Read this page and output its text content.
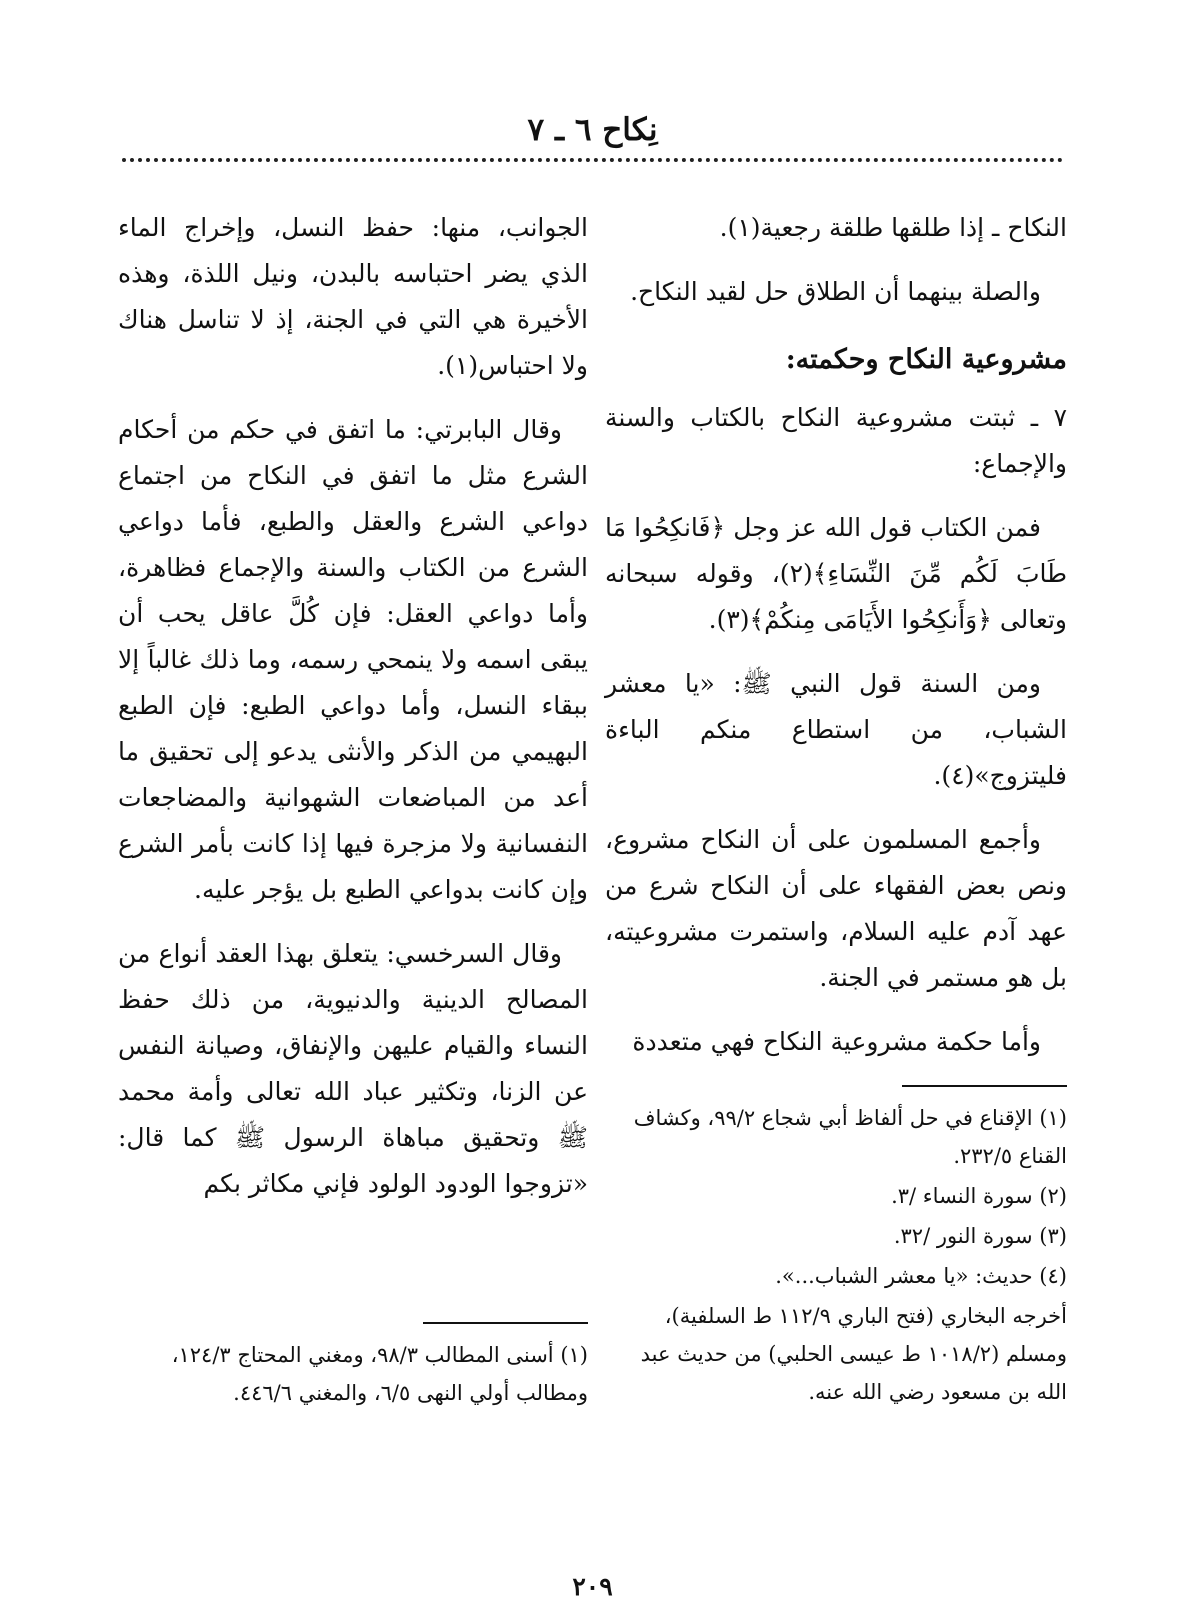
نِكاح ٦ ـ ٧

النكاح ـ إذا طلقها طلقة رجعية(١).

والصلة بينهما أن الطلاق حل لقيد النكاح.

مشروعية النكاح وحكمته:

٧ ـ ثبتت مشروعية النكاح بالكتاب والسنة والإجماع:

فمن الكتاب قول الله عز وجل ﴿فَانكِحُوا مَا طَابَ لَكُم مِّنَ النِّسَاءِ﴾(٢)، وقوله سبحانه وتعالى ﴿وَأَنكِحُوا الأَيَامَى مِنكُمْ﴾(٣).

ومن السنة قول النبي ﷺ: «يا معشر الشباب، من استطاع منكم الباءة فليتزوج»(٤).

وأجمع المسلمون على أن النكاح مشروع، ونص بعض الفقهاء على أن النكاح شرع من عهد آدم عليه السلام، واستمرت مشروعيته، بل هو مستمر في الجنة.

وأما حكمة مشروعية النكاح فهي متعددة

(١) الإقناع في حل ألفاظ أبي شجاع ٩٩/٢، وكشاف القناع ٢٣٢/٥.
(٢) سورة النساء /٣.
(٣) سورة النور /٣٢.
(٤) حديث: «يا معشر الشباب...».
أخرجه البخاري (فتح الباري ١١٢/٩ ط السلفية)، ومسلم (١٠١٨/٢ ط عيسى الحلبي) من حديث عبد الله بن مسعود رضي الله عنه.

الجوانب، منها: حفظ النسل، وإخراج الماء الذي يضر احتباسه بالبدن، ونيل اللذة، وهذه الأخيرة هي التي في الجنة، إذ لا تناسل هناك ولا احتباس(١).

وقال البابرتي: ما اتفق في حكم من أحكام الشرع مثل ما اتفق في النكاح من اجتماع دواعي الشرع والعقل والطبع، فأما دواعي الشرع من الكتاب والسنة والإجماع فظاهرة، وأما دواعي العقل: فإن كُلَّ عاقل يحب أن يبقى اسمه ولا ينمحي رسمه، وما ذلك غالباً إلا ببقاء النسل، وأما دواعي الطبع: فإن الطبع البهيمي من الذكر والأنثى يدعو إلى تحقيق ما أعد من المباضعات الشهوانية والمضاجعات النفسانية ولا مزجرة فيها إذا كانت بأمر الشرع وإن كانت بدواعي الطبع بل يؤجر عليه.

وقال السرخسي: يتعلق بهذا العقد أنواع من المصالح الدينية والدنيوية، من ذلك حفظ النساء والقيام عليهن والإنفاق، وصيانة النفس عن الزنا، وتكثير عباد الله تعالى وأمة محمد ﷺ وتحقيق مباهاة الرسول ﷺ كما قال: «تزوجوا الودود الولود فإني مكاثر بكم

(١) أسنى المطالب ٩٨/٣، ومغني المحتاج ١٢٤/٣، ومطالب أولي النهى ٦/٥، والمغني ٤٤٦/٦.
٢٠٩
